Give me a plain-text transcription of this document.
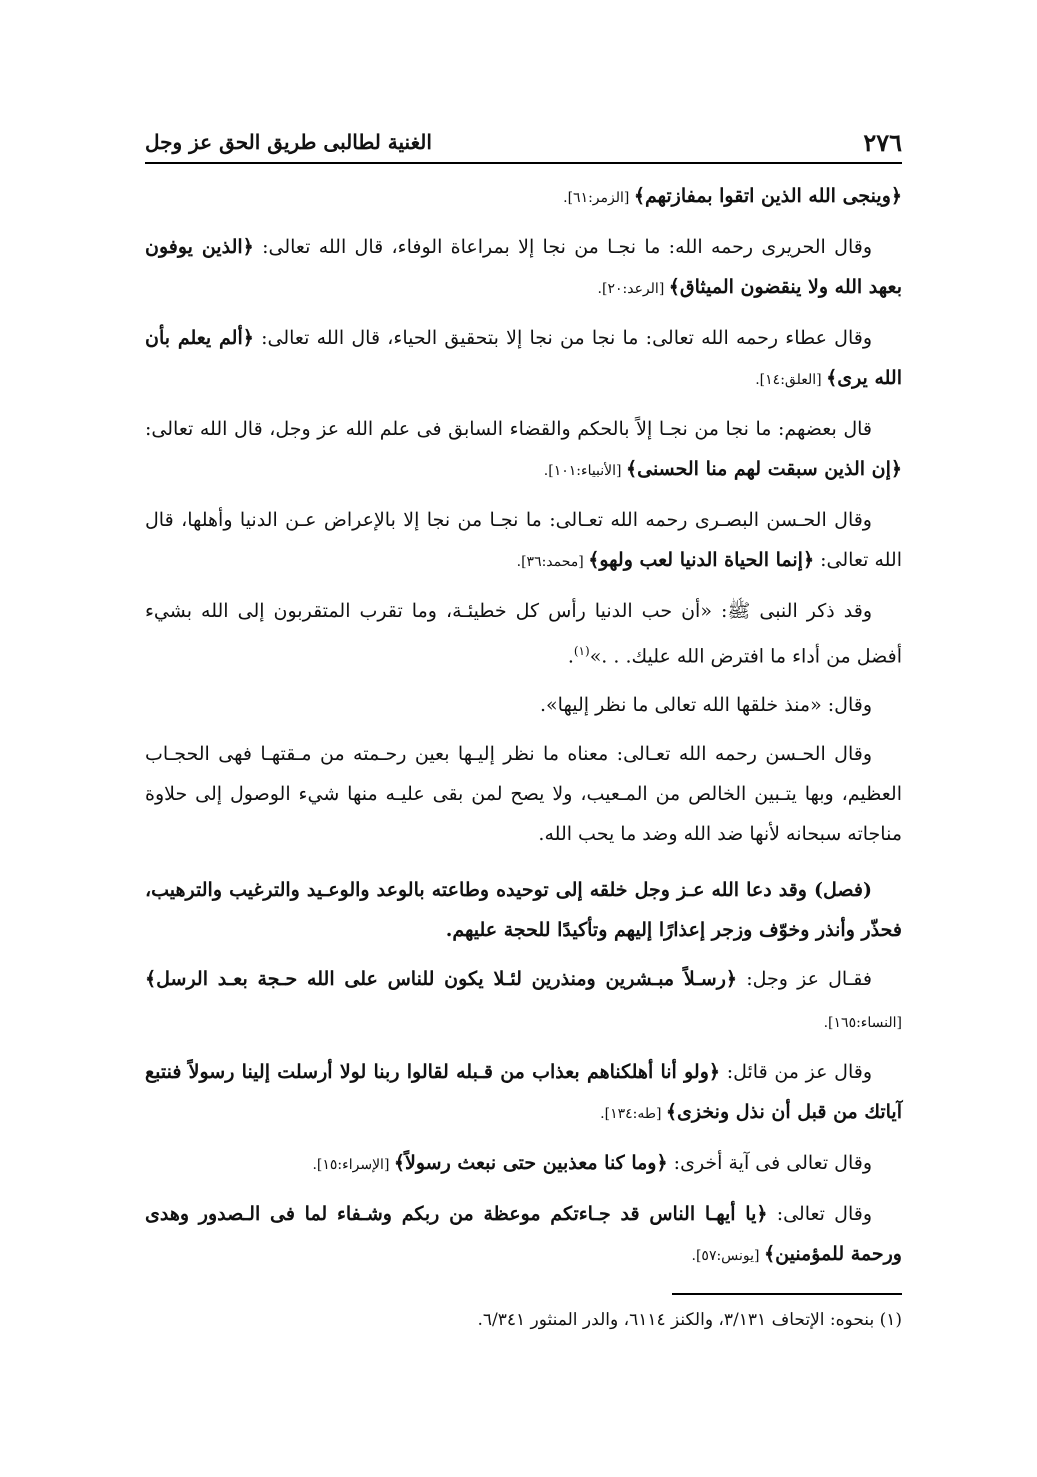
٢٧٦
الغنية لطالبى طريق الحق عز وجل

﴿وينجى الله الذين اتقوا بمفازتهم﴾ [الزمر:٦١].

وقال الحريرى رحمه الله: ما نجـا من نجا إلا بمراعاة الوفاء، قال الله تعالى: ﴿الذين يوفون بعهد الله ولا ينقضون الميثاق﴾ [الرعد:٢٠].

وقال عطاء رحمه الله تعالى: ما نجا من نجا إلا بتحقيق الحياء، قال الله تعالى: ﴿ألم يعلم بأن الله يرى﴾ [العلق:١٤].

قال بعضهم: ما نجا من نجـا إلاً بالحكم والقضاء السابق فى علم الله عز وجل، قال الله تعالى: ﴿إن الذين سبقت لهم منا الحسنى﴾ [الأنبياء:١٠١].

وقال الحـسن البصـرى رحمه الله تعـالى: ما نجـا من نجا إلا بالإعراض عـن الدنيا وأهلها، قال الله تعالى: ﴿إنما الحياة الدنيا لعب ولهو﴾ [محمد:٣٦].

وقد ذكر النبى ﷺ: «أن حب الدنيا رأس كل خطيئـة، وما تقرب المتقربون إلى الله بشيء أفضل من أداء ما افترض الله عليك. . .»$^{(١)}$.

وقال: «منذ خلقها الله تعالى ما نظر إليها».

وقال الحـسن رحمه الله تعـالى: معناه ما نظر إليـها بعين رحـمته من مـقتهـا فهى الحجـاب العظيم، وبها يتـبين الخالص من المـعيب، ولا يصح لمن بقى عليـه منها شيء الوصول إلى حلاوة مناجاته سبحانه لأنها ضد الله وضد ما يحب الله.

(فصل) وقد دعا الله عـز وجل خلقه إلى توحيده وطاعته بالوعد والوعـيد والترغيب والترهيب، فحذّر وأنذر وخوّف وزجر إعذارًا إليهم وتأكيدًا للحجة عليهم.

فقـال عز وجل: ﴿رسـلاً مبـشرين ومنذرين لئـلا يكون للناس على الله حـجة بعـد الرسل﴾ [النساء:١٦٥].

وقال عز من قائل: ﴿ولو أنا أهلكناهم بعذاب من قـبله لقالوا ربنا لولا أرسلت إلينا رسولاً فنتبع آياتك من قبل أن نذل ونخزى﴾ [طه:١٣٤].

وقال تعالى فى آية أخرى: ﴿وما كنا معذبين حتى نبعث رسولاً﴾ [الإسراء:١٥].

وقال تعالى: ﴿يا أيهـا الناس قد جـاءتكم موعظة من ربكم وشـفاء لما فى الـصدور وهدى ورحمة للمؤمنين﴾ [يونس:٥٧].

(١) بنحوه: الإتحاف ٣/١٣١، والكنز ٦١١٤، والدر المنثور ٦/٣٤١.
